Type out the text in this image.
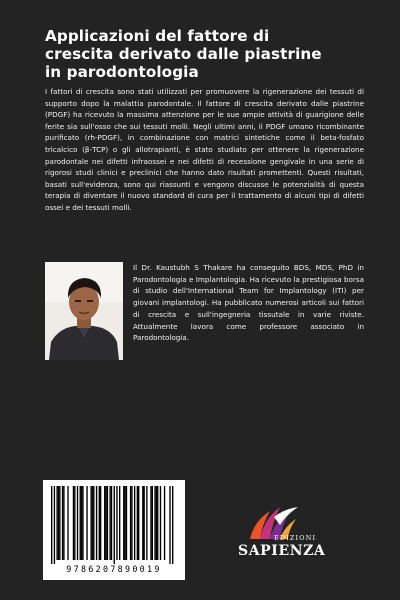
Applicazioni del fattore di
crescita derivato dalle piastrine
in parodontologia

I fattori di crescita sono stati utilizzati per promuovere la rigenerazione dei tessuti di supporto dopo la malattia parodontale. Il fattore di crescita derivato dalle piastrine (PDGF) ha ricevuto la massima attenzione per le sue ampie attività di guarigione delle ferite sia sull'osso che sui tessuti molli. Negli ultimi anni, il PDGF umano ricombinante purificato (rh-PDGF), in combinazione con matrici sintetiche come il beta-fosfato tricalcico (β-TCP) o gli allotrapianti, è stato studiato per ottenere la rigenerazione parodontale nei difetti infraossei e nei difetti di recessione gengivale in una serie di rigorosi studi clinici e preclinici che hanno dato risultati promettenti. Questi risultati, basati sull'evidenza, sono qui riassunti e vengono discusse le potenzialità di questa terapia di diventare il nuovo standard di cura per il trattamento di alcuni tipi di difetti ossei e dei tessuti molli.

Il Dr. Kaustubh S Thakare ha conseguito BDS, MDS, PhD in Parodontologia e Implantologia. Ha ricevuto la prestigiosa borsa di studio dell'International Team for Implantology (ITI) per giovani implantologi. Ha pubblicato numerosi articoli sui fattori di crescita e sull'ingegneria tissutale in varie riviste. Attualmente lavora come professore associato in Parodontologia.

9786207890019
EDIZIONI
SAPIENZA
